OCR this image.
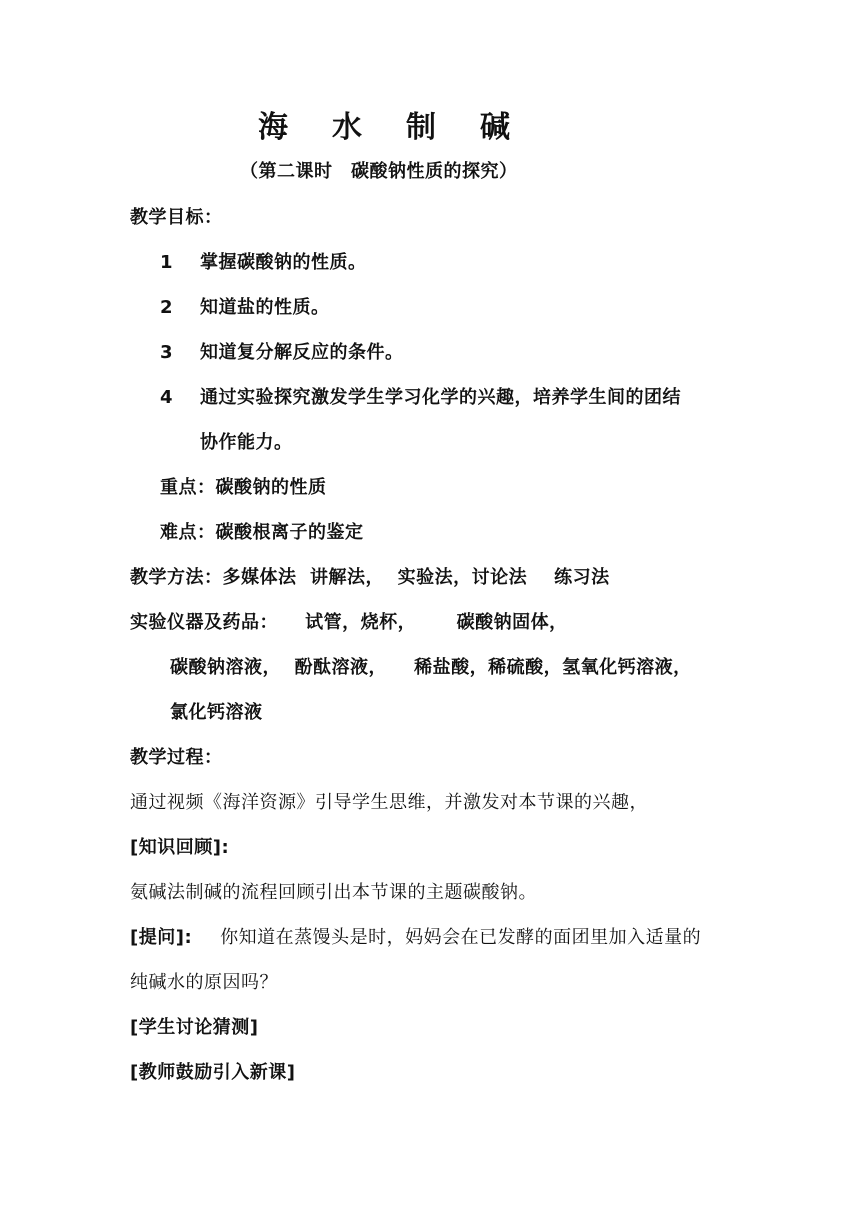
海 水 制 碱
（第二课时　碳酸钠性质的探究）
教学目标：
1 掌握碳酸钠的性质。
2 知道盐的性质。
3 知道复分解反应的条件。
4 通过实验探究激发学生学习化学的兴趣，培养学生间的团结
协作能力。
重点：碳酸钠的性质
难点：碳酸根离子的鉴定
教学方法：多媒体法  讲解法，  实验法，讨论法    练习法
实验仪器及药品：    试管，烧杯，      碳酸钠固体，
碳酸钠溶液，  酚酞溶液，    稀盐酸，稀硫酸，氢氧化钙溶液，
氯化钙溶液
教学过程：
通过视频《海洋资源》引导学生思维，并激发对本节课的兴趣，
[知识回顾]:
氨碱法制碱的流程回顾引出本节课的主题碳酸钠。
[提问]: 你知道在蒸馒头是时，妈妈会在已发酵的面团里加入适量的
纯碱水的原因吗？
[学生讨论猜测]
[教师鼓励引入新课]
